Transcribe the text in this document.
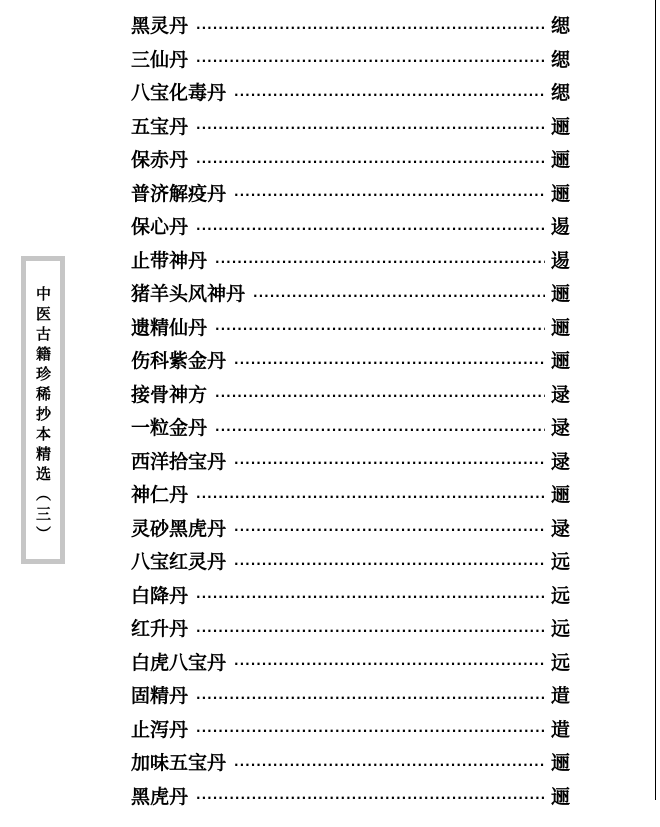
中医古籍珍稀抄本精选（三）
黑灵丹 ·····	缌
三仙丹 ·····	缌
八宝化毒丹 ·····	缌
五宝丹 ·····	逦
保赤丹 ·····	逦
普济解疫丹 ·····	逦
保心丹 ·····	逷
止带神丹 ·····	逷
猪羊头风神丹 ·····	逦
遗精仙丹 ·····	逦
伤科紫金丹 ·····	逦
接骨神方 ·····	逯
一粒金丹 ·····	逯
西洋拾宝丹 ·····	逯
神仁丹 ·····	逦
灵砂黑虎丹 ·····	逯
八宝红灵丹 ·····	远
白降丹 ·····	远
红升丹 ·····	远
白虎八宝丹 ·····	远
固精丹 ·····	逪
止泻丹 ·····	逪
加味五宝丹 ·····	逦
黑虎丹 ·····	逦
